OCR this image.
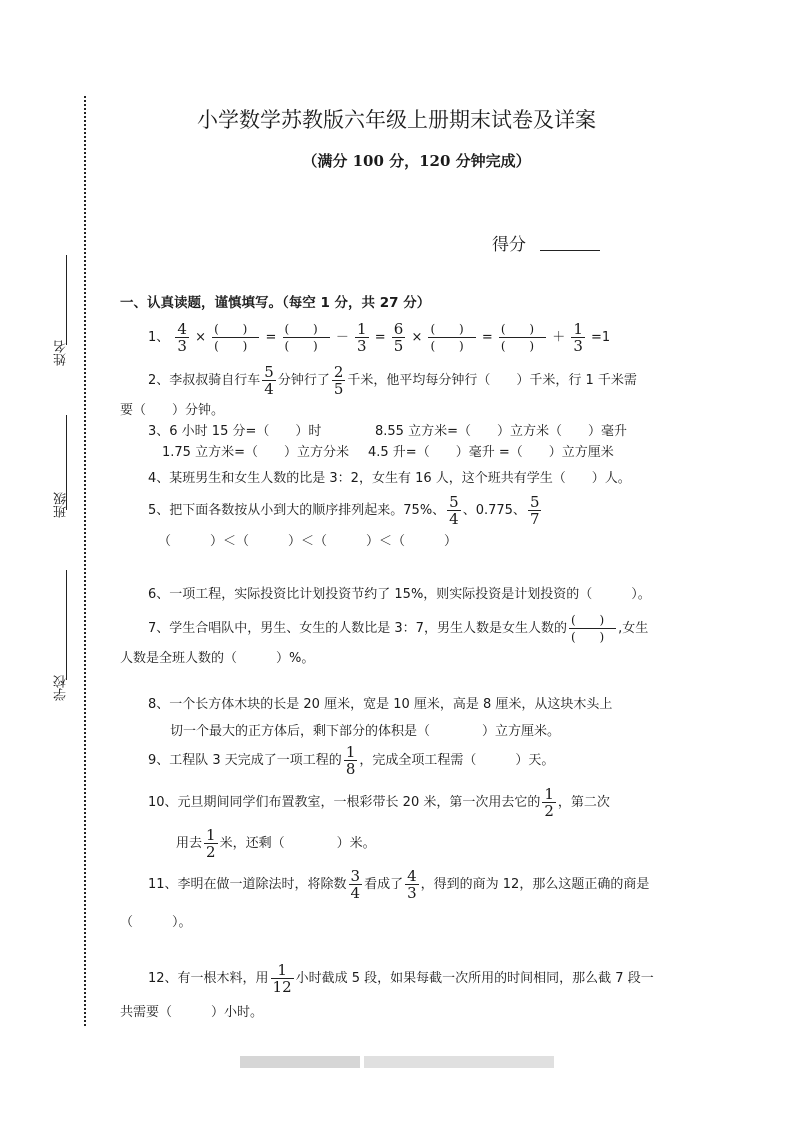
姓名
班级
学校
小学数学苏教版六年级上册期末试卷及详案
（满分 100 分，120 分钟完成）
得分
一、认真读题，谨慎填写。（每空 1 分，共 27 分）
1、 $\frac{4}{3} \times \frac{( )}{( )} = \frac{( )}{( )} - \frac{1}{3} = \frac{6}{5} \times \frac{( )}{( )} = \frac{( )}{( )} + \frac{1}{3} =1$
2、李叔叔骑自行车 $\frac{5}{4}$ 分钟行了 $\frac{2}{5}$ 千米，他平均每分钟行（　　）千米，行 1 千米需
要（　　）分钟。
3、6 小时 15 分=（　　）时	8.55 立方米=（　　）立方米（　　）毫升
1.75 立方米=（　　）立方分米 4.5 升=（　　）毫升 =（　　）立方厘米
4、某班男生和女生人数的比是 3：2，女生有 16 人，这个班共有学生（　　）人。
5、把下面各数按从小到大的顺序排列起来。75%、 $\frac{5}{4}$ 、0.775、 $\frac{5}{7}$
（　　　）＜（　　　）＜（　　　）＜（　　　）
6、一项工程，实际投资比计划投资节约了 15%，则实际投资是计划投资的（　　　）。
7、学生合唱队中，男生、女生的人数比是 3：7，男生人数是女生人数的 $\frac{( )}{( )}$ ,女生
人数是全班人数的（　　　）%。
8、一个长方体木块的长是 20 厘米，宽是 10 厘米，高是 8 厘米，从这块木头上
切一个最大的正方体后，剩下部分的体积是（　　　　）立方厘米。
9、工程队 3 天完成了一项工程的 $\frac{1}{8}$ ，完成全项工程需（　　　）天。
10、元旦期间同学们布置教室，一根彩带长 20 米，第一次用去它的 $\frac{1}{2}$ ，第二次
用去 $\frac{1}{2}$ 米，还剩（　　　　）米。
11、李明在做一道除法时，将除数 $\frac{3}{4}$ 看成了 $\frac{4}{3}$ ，得到的商为 12，那么这题正确的商是
（　　　）。
12、有一根木料，用 $\frac{1}{12}$ 小时截成 5 段，如果每截一次所用的时间相同，那么截 7 段一
共需要（　　　）小时。
